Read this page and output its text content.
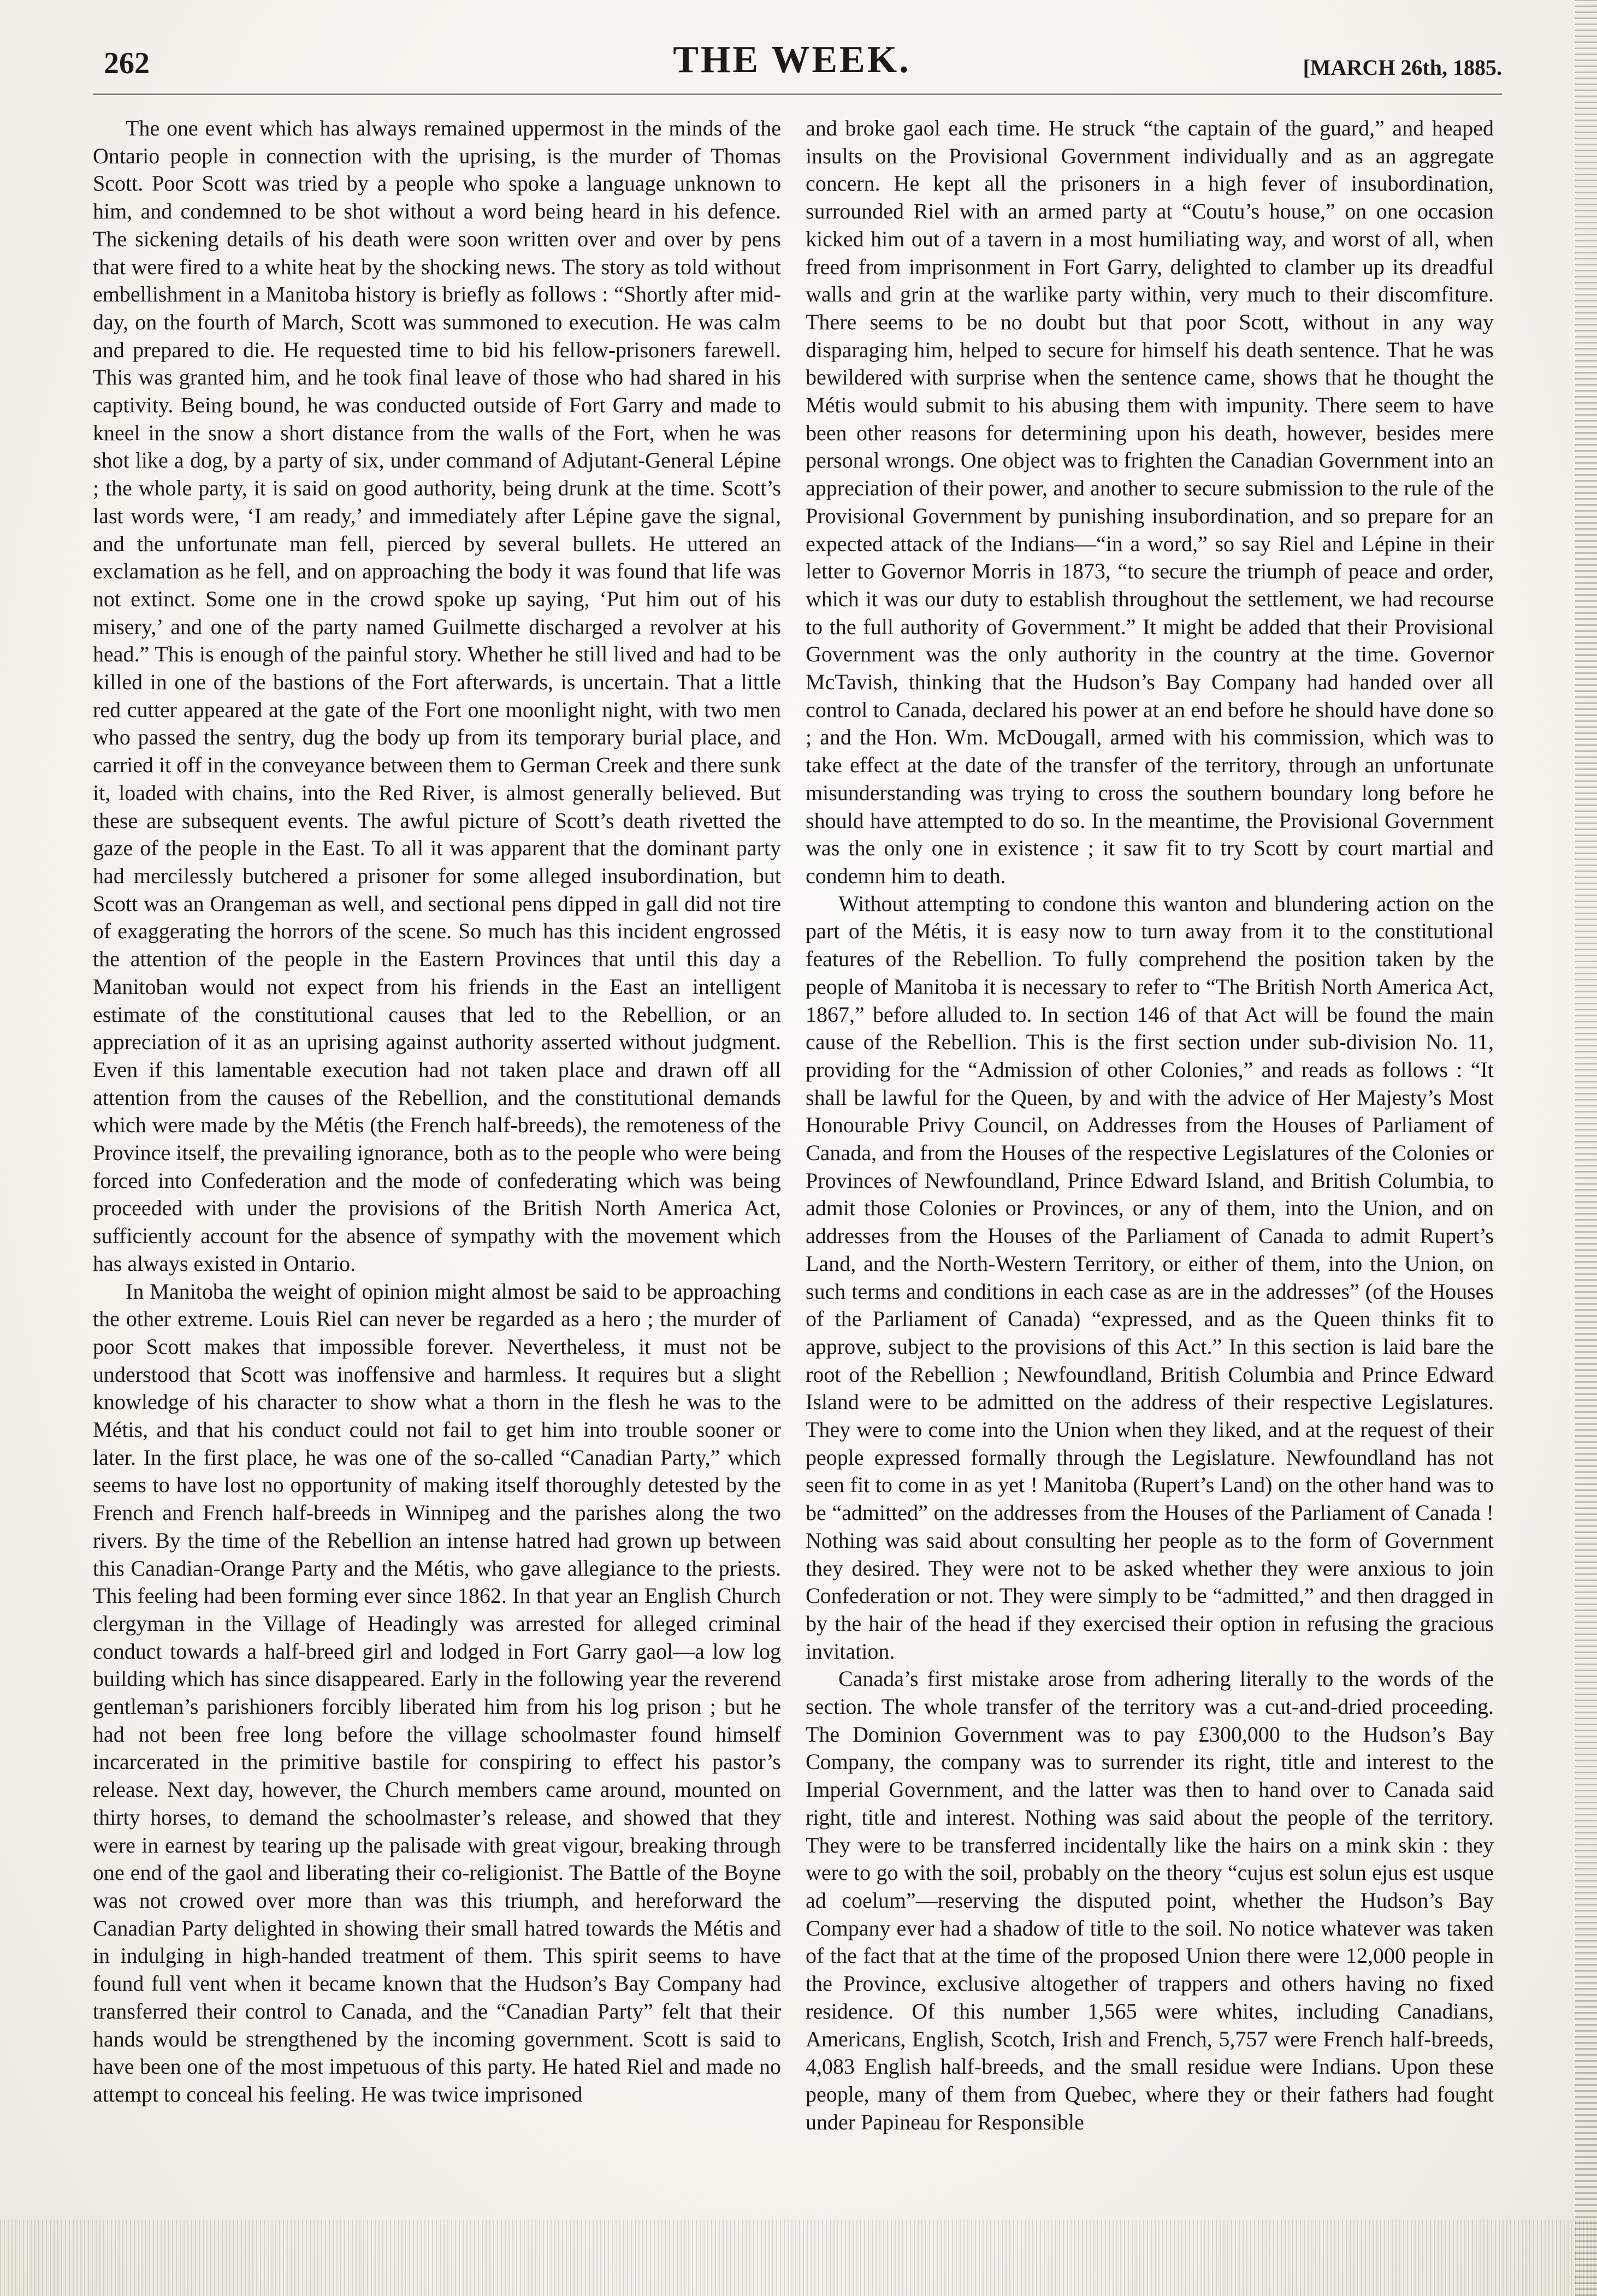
262	THE WEEK.	[MARCH 26th, 1885.

The one event which has always remained uppermost in the minds of the Ontario people in connection with the uprising, is the murder of Thomas Scott. Poor Scott was tried by a people who spoke a language unknown to him, and condemned to be shot without a word being heard in his defence. The sickening details of his death were soon written over and over by pens that were fired to a white heat by the shocking news. The story as told without embellishment in a Manitoba history is briefly as follows : “Shortly after mid-day, on the fourth of March, Scott was summoned to execution. He was calm and prepared to die. He requested time to bid his fellow-prisoners farewell. This was granted him, and he took final leave of those who had shared in his captivity. Being bound, he was conducted outside of Fort Garry and made to kneel in the snow a short distance from the walls of the Fort, when he was shot like a dog, by a party of six, under command of Adjutant-General Lépine ; the whole party, it is said on good authority, being drunk at the time. Scott’s last words were, ‘I am ready,’ and immediately after Lépine gave the signal, and the unfortunate man fell, pierced by several bullets. He uttered an exclamation as he fell, and on approaching the body it was found that life was not extinct. Some one in the crowd spoke up saying, ‘Put him out of his misery,’ and one of the party named Guilmette discharged a revolver at his head.” This is enough of the painful story. Whether he still lived and had to be killed in one of the bastions of the Fort afterwards, is uncertain. That a little red cutter appeared at the gate of the Fort one moonlight night, with two men who passed the sentry, dug the body up from its temporary burial place, and carried it off in the conveyance between them to German Creek and there sunk it, loaded with chains, into the Red River, is almost generally believed. But these are subsequent events. The awful picture of Scott’s death rivetted the gaze of the people in the East. To all it was apparent that the dominant party had mercilessly butchered a prisoner for some alleged insubordination, but Scott was an Orangeman as well, and sectional pens dipped in gall did not tire of exaggerating the horrors of the scene. So much has this incident engrossed the attention of the people in the Eastern Provinces that until this day a Manitoban would not expect from his friends in the East an intelligent estimate of the constitutional causes that led to the Rebellion, or an appreciation of it as an uprising against authority asserted without judgment. Even if this lamentable execution had not taken place and drawn off all attention from the causes of the Rebellion, and the constitutional demands which were made by the Métis (the French half-breeds), the remoteness of the Province itself, the prevailing ignorance, both as to the people who were being forced into Confederation and the mode of confederating which was being proceeded with under the provisions of the British North America Act, sufficiently account for the absence of sympathy with the movement which has always existed in Ontario.

In Manitoba the weight of opinion might almost be said to be approaching the other extreme. Louis Riel can never be regarded as a hero ; the murder of poor Scott makes that impossible forever. Nevertheless, it must not be understood that Scott was inoffensive and harmless. It requires but a slight knowledge of his character to show what a thorn in the flesh he was to the Métis, and that his conduct could not fail to get him into trouble sooner or later. In the first place, he was one of the so-called “Canadian Party,” which seems to have lost no opportunity of making itself thoroughly detested by the French and French half-breeds in Winnipeg and the parishes along the two rivers. By the time of the Rebellion an intense hatred had grown up between this Canadian-Orange Party and the Métis, who gave allegiance to the priests. This feeling had been forming ever since 1862. In that year an English Church clergyman in the Village of Headingly was arrested for alleged criminal conduct towards a half-breed girl and lodged in Fort Garry gaol—a low log building which has since disappeared. Early in the following year the reverend gentleman’s parishioners forcibly liberated him from his log prison ; but he had not been free long before the village schoolmaster found himself incarcerated in the primitive bastile for conspiring to effect his pastor’s release. Next day, however, the Church members came around, mounted on thirty horses, to demand the schoolmaster’s release, and showed that they were in earnest by tearing up the palisade with great vigour, breaking through one end of the gaol and liberating their co-religionist. The Battle of the Boyne was not crowed over more than was this triumph, and hereforward the Canadian Party delighted in showing their small hatred towards the Métis and in indulging in high-handed treatment of them. This spirit seems to have found full vent when it became known that the Hudson’s Bay Company had transferred their control to Canada, and the “Canadian Party” felt that their hands would be strengthened by the incoming government. Scott is said to have been one of the most impetuous of this party. He hated Riel and made no attempt to conceal his feeling. He was twice imprisoned

and broke gaol each time. He struck “the captain of the guard,” and heaped insults on the Provisional Government individually and as an aggregate concern. He kept all the prisoners in a high fever of insubordination, surrounded Riel with an armed party at “Coutu’s house,” on one occasion kicked him out of a tavern in a most humiliating way, and worst of all, when freed from imprisonment in Fort Garry, delighted to clamber up its dreadful walls and grin at the warlike party within, very much to their discomfiture. There seems to be no doubt but that poor Scott, without in any way disparaging him, helped to secure for himself his death sentence. That he was bewildered with surprise when the sentence came, shows that he thought the Métis would submit to his abusing them with impunity. There seem to have been other reasons for determining upon his death, however, besides mere personal wrongs. One object was to frighten the Canadian Government into an appreciation of their power, and another to secure submission to the rule of the Provisional Government by punishing insubordination, and so prepare for an expected attack of the Indians—“in a word,” so say Riel and Lépine in their letter to Governor Morris in 1873, “to secure the triumph of peace and order, which it was our duty to establish throughout the settlement, we had recourse to the full authority of Government.” It might be added that their Provisional Government was the only authority in the country at the time. Governor McTavish, thinking that the Hudson’s Bay Company had handed over all control to Canada, declared his power at an end before he should have done so ; and the Hon. Wm. McDougall, armed with his commission, which was to take effect at the date of the transfer of the territory, through an unfortunate misunderstanding was trying to cross the southern boundary long before he should have attempted to do so. In the meantime, the Provisional Government was the only one in existence ; it saw fit to try Scott by court martial and condemn him to death.

Without attempting to condone this wanton and blundering action on the part of the Métis, it is easy now to turn away from it to the constitutional features of the Rebellion. To fully comprehend the position taken by the people of Manitoba it is necessary to refer to “The British North America Act, 1867,” before alluded to. In section 146 of that Act will be found the main cause of the Rebellion. This is the first section under sub-division No. 11, providing for the “Admission of other Colonies,” and reads as follows : “It shall be lawful for the Queen, by and with the advice of Her Majesty’s Most Honourable Privy Council, on Addresses from the Houses of Parliament of Canada, and from the Houses of the respective Legislatures of the Colonies or Provinces of Newfoundland, Prince Edward Island, and British Columbia, to admit those Colonies or Provinces, or any of them, into the Union, and on addresses from the Houses of the Parliament of Canada to admit Rupert’s Land, and the North-Western Territory, or either of them, into the Union, on such terms and conditions in each case as are in the addresses” (of the Houses of the Parliament of Canada) “expressed, and as the Queen thinks fit to approve, subject to the provisions of this Act.” In this section is laid bare the root of the Rebellion ; Newfoundland, British Columbia and Prince Edward Island were to be admitted on the address of their respective Legislatures. They were to come into the Union when they liked, and at the request of their people expressed formally through the Legislature. Newfoundland has not seen fit to come in as yet ! Manitoba (Rupert’s Land) on the other hand was to be “admitted” on the addresses from the Houses of the Parliament of Canada ! Nothing was said about consulting her people as to the form of Government they desired. They were not to be asked whether they were anxious to join Confederation or not. They were simply to be “admitted,” and then dragged in by the hair of the head if they exercised their option in refusing the gracious invitation.

Canada’s first mistake arose from adhering literally to the words of the section. The whole transfer of the territory was a cut-and-dried proceeding. The Dominion Government was to pay £300,000 to the Hudson’s Bay Company, the company was to surrender its right, title and interest to the Imperial Government, and the latter was then to hand over to Canada said right, title and interest. Nothing was said about the people of the territory. They were to be transferred incidentally like the hairs on a mink skin : they were to go with the soil, probably on the theory “cujus est solun ejus est usque ad coelum”—reserving the disputed point, whether the Hudson’s Bay Company ever had a shadow of title to the soil. No notice whatever was taken of the fact that at the time of the proposed Union there were 12,000 people in the Province, exclusive altogether of trappers and others having no fixed residence. Of this number 1,565 were whites, including Canadians, Americans, English, Scotch, Irish and French, 5,757 were French half-breeds, 4,083 English half-breeds, and the small residue were Indians. Upon these people, many of them from Quebec, where they or their fathers had fought under Papineau for Responsible
